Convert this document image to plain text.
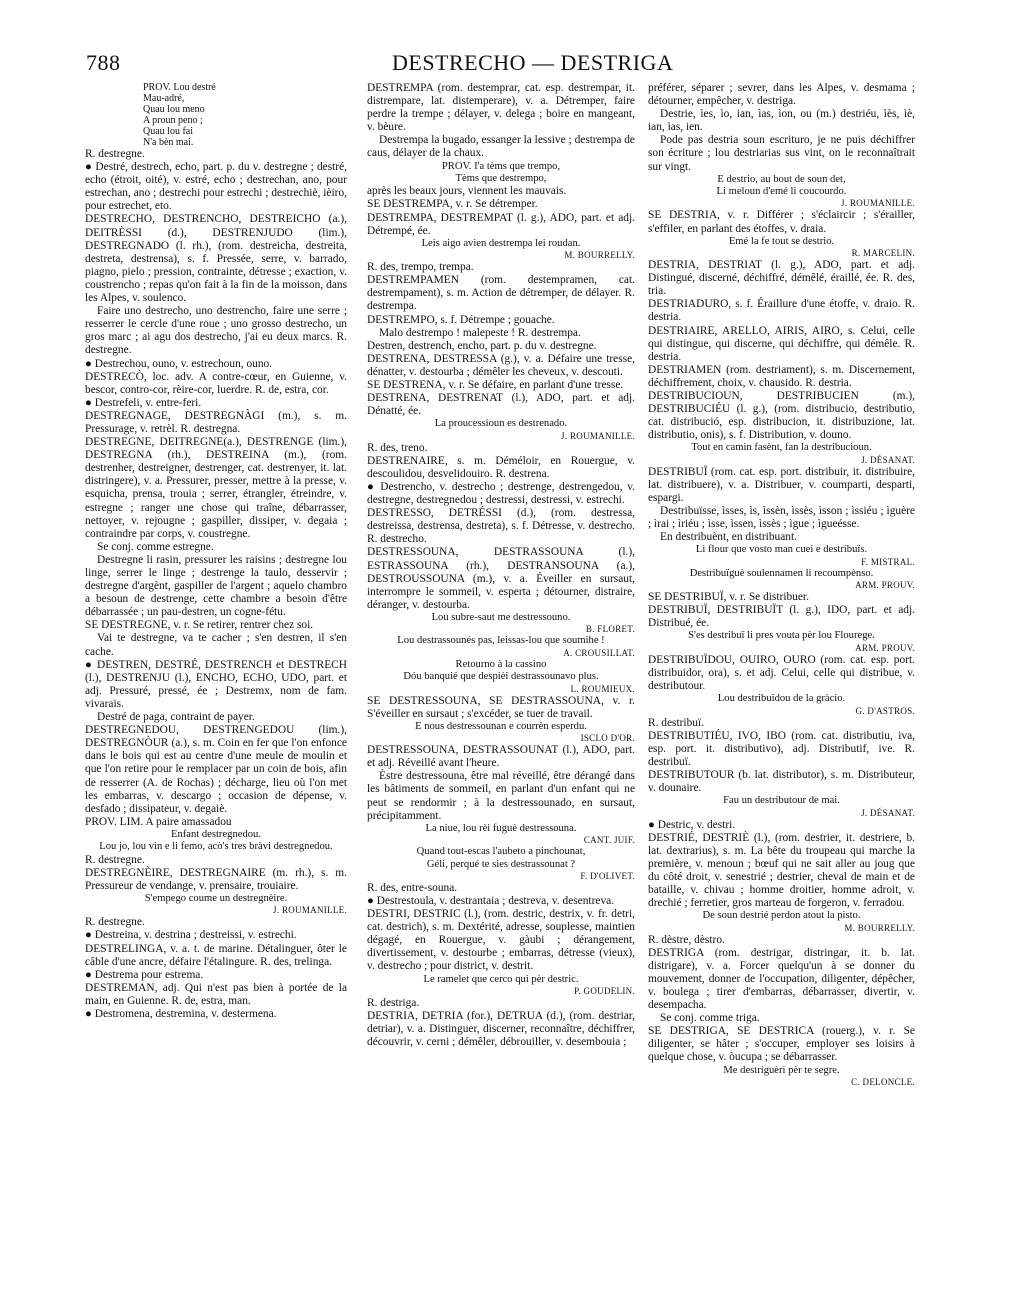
788	DESTRECHO — DESTRIGA

PROV. Lou destré

Mau-adré,

Quau lou meno

A proun peno ;

Quau lou fai

N'a bèn mai.

R. destregne.

● Destré, destrech, echo, part. p. du v. destregne ; destré, echo (étroit, oité), v. estré, echo ; destrechan, ano, pour estrechan, ano ; destrechi pour estrechi ; destrechiè, ièiro, pour estrechet, eto.

DESTRECHO, DESTRENCHO, DESTREICHO (a.), DEITRÈSSI (d.), DESTRENJUDO (lim.), DESTREGNADO (l. rh.), (rom. destreicha, destreita, destreta, destrensa), s. f. Pressée, serre, v. barrado, piagno, pielo ; pression, contrainte, détresse ; exaction, v. coustrencho ; repas qu'on fait à la fin de la moisson, dans les Alpes, v. soulenco.

Faire uno destrecho, uno destrencho, faire une serre ; resserrer le cercle d'une roue ; uno grosso destrecho, un gros marc ; ai agu dos destrecho, j'ai eu deux marcs. R. destregne.

● Destrechou, ouno, v. estrechoun, ouno.

DESTRECÒ, loc. adv. A contre-cœur, en Guienne, v. bescor, contro-cor, rèire-cor, luerdre. R. de, estra, cor.

● Destrefeli, v. entre-feri.

DESTREGNAGE, DESTREGNÀGI (m.), s. m. Pressurage, v. retrèl. R. destregna.

DESTREGNE, DEITREGNE(a.), DESTRENGE (lim.), DESTREGNA (rh.), DESTREINA (m.), (rom. destrenher, destreigner, destrenger, cat. destrenyer, it. lat. distringere), v. a. Pressurer, presser, mettre à la presse, v. esquicha, prensa, trouia ; serrer, étrangler, étreindre, v. estregne ; ranger une chose qui traîne, débarrasser, nettoyer, v. rejougne ; gaspiller, dissiper, v. degaia ; contraindre par corps, v. coustregne.

Se conj. comme estregne.

Destregne li rasin, pressurer les raisins ; destregne lou linge, serrer le linge ; destrenge la taulo, desservir ; destregne d'argènt, gaspiller de l'argent ; aquelo chambro a besoun de destrenge, cette chambre a besoin d'être débarrassée ; un pau-destren, un cogne-fétu.

SE DESTREGNE, v. r. Se retirer, rentrer chez soi.

Vai te destregne, va te cacher ; s'en destren, il s'en cache.

● DESTREN, DESTRÉ, DESTRENCH et DESTRECH (l.), DESTRENJU (l.), ENCHO, ECHO, UDO, part. et adj. Pressuré, pressé, ée ; Destremx, nom de fam. vivarais.

Destré de paga, contraint de payer.

DESTREGNEDOU, DESTRENGEDOU (lim.), DESTREGNÒUR (a.), s. m. Coin en fer que l'on enfonce dans le bois qui est au centre d'une meule de moulin et que l'on retire pour le remplacer par un coin de bois, afin de resserrer (A. de Rochas) ; décharge, lieu où l'on met les embarras, v. descargo ; occasion de dépense, v. desfado ; dissipateur, v. degaiè.

PROV. LIM. A paire amassadou

Enfant destregnedou.

Lou jo, lou vin e li femo, acò's tres bràvi destregnedou.

R. destregne.

DESTREGNÈIRE, DESTREGNAIRE (m. rh.), s. m. Pressureur de vendange, v. prensaire, trouiaire.

S'empego coume un destregnèire.

J. ROUMANILLE.

R. destregne.

● Destreina, v. destrina ; destreissi, v. estrechi.

DESTRELINGA, v. a. t. de marine. Détalinguer, ôter le câble d'une ancre, défaire l'étalingure. R. des, trelinga.

● Destrema pour estrema.

DESTREMAN, adj. Qui n'est pas bien à portée de la main, en Guienne. R. de, estra, man.

● Destromena, destremina, v. destermena.

DESTREMPA (rom. destemprar, cat. esp. destrempar, it. distrempare, lat. distemperare), v. a. Détremper, faire perdre la trempe ; délayer, v. delega ; boire en mangeant, v. bèure.

Destrempa la bugado, essanger la lessive ; destrempa de caus, délayer de la chaux.

PROV. I'a tèms que trempo,

Tèms que destrempo,

après les beaux jours, viennent les mauvais.

SE DESTREMPA, v. r. Se détremper.

DESTREMPA, DESTREMPAT (l. g.), ADO, part. et adj. Détrempé, ée.

Leis aigo avien destrempa lei roudan.

M. BOURRELLY.

R. des, trempo, trempa.

DESTREMPAMEN (rom. destempramen, cat. destrempament), s. m. Action de détremper, de délayer. R. destrempa.

DESTREMPO, s. f. Détrempe ; gouache.

Malo destrempo ! malepeste ! R. destrempa.

Destren, destrench, encho, part. p. du v. destregne.

DESTRENA, DESTRESSA (g.), v. a. Défaire une tresse, dénatter, v. destourba ; démêler les cheveux, v. descouti.

SE DESTRENA, v. r. Se défaire, en parlant d'une tresse.

DESTRENA, DESTRENAT (l.), ADO, part. et adj. Dénatté, ée.

La proucessioun es destrenado.

J. ROUMANILLE.

R. des, treno.

DESTRENAIRE, s. m. Déméloir, en Rouergue, v. descoulidou, desvelidouiro. R. destrena.

● Destrencho, v. destrecho ; destrenge, destrengedou, v. destregne, destregnedou ; destressi, destressi, v. estrechi.

DESTRESSO, DETRÉSSI (d.), (rom. destressa, destreissa, destrensa, destreta), s. f. Détresse, v. destrecho. R. destrecho.

DESTRESSOUNA, DESTRASSOUNA (l.), ESTRASSOUNA (rh.), DESTRANSOUNA (a.), DESTROUSSOUNA (m.), v. a. Éveiller en sursaut, interrompre le sommeil, v. esperta ; détourner, distraire, déranger, v. destourba.

Lou subre-saut me destressouno.

B. FLORET.

Lou destrassounés pas, leissas-lou que soumihe !

A. CROUSILLAT.

Retourno à la cassino

Dóu banquié que despièi destrassounavo plus.

L. ROUMIEUX.

SE DESTRESSOUNA, SE DESTRASSOUNA, v. r. S'éveiller en sursaut ; s'excéder, se tuer de travail.

E nous destressounan e courrèn esperdu.

ISCLO D'OR.

DESTRESSOUNA, DESTRASSOUNAT (l.), ADO, part. et adj. Réveillé avant l'heure.

Èstre destressouna, être mal réveillé, être dérangé dans les bâtiments de sommeil, en parlant d'un enfant qui ne peut se rendormir ; à la destressounado, en sursaut, précipitamment.

La niue, lou rèi fuguè destressouna.

CANT. JUIF.

Quand tout-escas l'aubeto a pinchounat,

Géli, perqué te sies destrassounat ?

F. D'OLIVET.

R. des, entre-souna.

● Destrestoula, v. destrantaia ; destreva, v. desentreva.

DESTRI, DESTRIC (l.), (rom. destric, destrix, v. fr. detri, cat. destrich), s. m. Dextérité, adresse, souplesse, maintien dégagé, en Rouergue, v. gàubi ; dérangement, divertissement, v. destourbe ; embarras, détresse (vieux), v. destrecho ; pour district, v. destrit.

Le ramelet que cerco qui pèr destric.

P. GOUDELIN.

R. destriga.

DESTRIA, DETRIA (for.), DETRUA (d.), (rom. destriar, detriar), v. a. Distinguer, discerner, reconnaître, déchiffrer, découvrir, v. cerni ; démêler, débrouiller, v. desembouia ;

préférer, séparer ; sevrer, dans les Alpes, v. desmama ; détourner, empêcher, v. destriga.

Destrie, ìes, ìo, ian, ìas, ìon, ou (m.) destriéu, ìès, ìè, ian, ìas, ien.

Pode pas destria soun escrituro, je ne puis déchiffrer son écriture ; lou destriarias sus vint, on le reconnaîtrait sur vingt.

E destrio, au bout de soun det,

Li meloun d'emé li coucourdo.

J. ROUMANILLE.

SE DESTRIA, v. r. Différer ; s'éclaircir ; s'érailler, s'effiler, en parlant des étoffes, v. draia.

Emé la fe tout se destrio.

R. MARCELIN.

DESTRIA, DESTRIAT (l. g.), ADO, part. et adj. Distingué, discerné, déchiffré, démêlé, éraillé, ée. R. des, tria.

DESTRIADURO, s. f. Éraillure d'une étoffe, v. draio. R. destria.

DESTRIAIRE, ARELLO, AIRIS, AIRO, s. Celui, celle qui distingue, qui discerne, qui déchiffre, qui démêle. R. destria.

DESTRIAMEN (rom. destriament), s. m. Discernement, déchiffrement, choix, v. chausido. R. destria.

DESTRIBUCIOUN, DESTRIBUCIEN (m.), DESTRIBUCIÉU (l. g.), (rom. distribucio, destributio, cat. distribució, esp. distribucion, it. distribuzione, lat. distributio, onis), s. f. Distribution, v. douno.

Tout en camin fasènt, fan la destribucioun.

J. DÉSANAT.

DESTRIBUÏ (rom. cat. esp. port. distribuir, it. distribuire, lat. distribuere), v. a. Distribuer, v. coumparti, desparti, espargi.

Destribuïsse, ìsses, ìs, ìssèn, ìssès, ìsson ; ìssiéu ; ìguère ; ìrai ; ìriéu ; ìsse, ìssen, ìssès ; ìgue ; ìgueésse.

En destribuènt, en distribuant.

Li flour que vosto man cuei e destribuïs.

F. MISTRAL.

Destribuïguè soulennamen li recoumpènso.

ARM. PROUV.

SE DESTRIBUÏ, v. r. Se distribuer.

DESTRIBUÏ, DESTRIBUÏT (l. g.), IDO, part. et adj. Distribué, ée.

S'es destribuï li pres vouta pèr lou Flourege.

ARM. PROUV.

DESTRIBUÏDOU, OUIRO, OURO (rom. cat. esp. port. distribuidor, ora), s. et adj. Celui, celle qui distribue, v. destributour.

Lou destribuïdou de la gràcio.

G. D'ASTROS.

R. destribuï.

DESTRIBUTIÉU, IVO, IBO (rom. cat. distributiu, iva, esp. port. it. distributivo), adj. Distributif, ive. R. destribuï.

DESTRIBUTOUR (b. lat. distributor), s. m. Distributeur, v. dounaire.

Fau un destributour de mai.

J. DÉSANAT.

● Destric, v. destri.

DESTRIÉ, DESTRIÈ (l.), (rom. destrier, it. destriere, b. lat. dextrarius), s. m. La bête du troupeau qui marche la première, v. menoun ; bœuf qui ne sait aller au joug que du côté droit, v. senestrié ; destrier, cheval de main et de bataille, v. chivau ; homme droitier, homme adroit, v. drechié ; ferretier, gros marteau de forgeron, v. ferradou.

De soun destrié perdon atout la pisto.

M. BOURRELLY.

R. dèstre, dèstro.

DESTRIGA (rom. destrigar, distringar, it. b. lat. distrigare), v. a. Forcer quelqu'un à se donner du mouvement, donner de l'occupation, diligenter, dépêcher, v. boulega ; tirer d'embarras, débarrasser, divertir, v. desempacha.

Se conj. comme triga.

SE DESTRIGA, SE DESTRICA (rouerg.), v. r. Se diligenter, se hâter ; s'occuper, employer ses loisirs à quelque chose, v. òucupa ; se débarrasser.

Me destriguèri pèr te segre.

C. DELONCLE.
